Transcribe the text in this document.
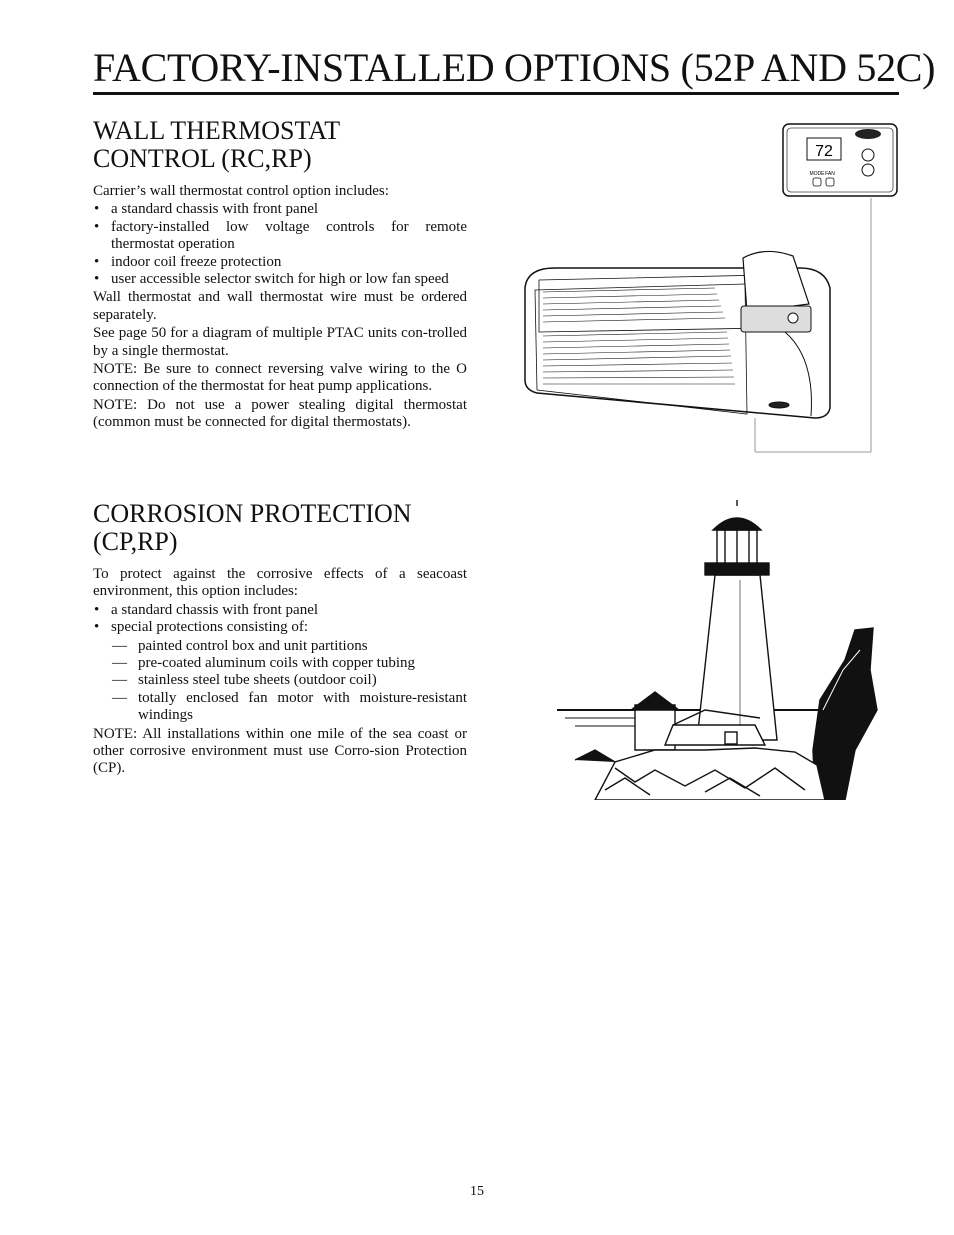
FACTORY-INSTALLED OPTIONS (52P AND 52C)
WALL THERMOSTAT
CONTROL (RC,RP)

Carrier’s wall thermostat control option includes:

• a standard chassis with front panel
• factory-installed low voltage controls for remote thermostat operation
• indoor coil freeze protection
• user accessible selector switch for high or low fan speed

Wall thermostat and wall thermostat wire must be ordered separately.

See page 50 for a diagram of multiple PTAC units con-trolled by a single thermostat.

NOTE: Be sure to connect reversing valve wiring to the O connection of the thermostat for heat pump applications.

NOTE: Do not use a power stealing digital thermostat (common must be connected for digital thermostats).

CORROSION PROTECTION
(CP,RP)

To protect against the corrosive effects of a seacoast environment, this option includes:

• a standard chassis with front panel
• special protections consisting of:
— painted control box and unit partitions
— pre-coated aluminum coils with copper tubing
— stainless steel tube sheets (outdoor coil)
— totally enclosed fan motor with moisture-resistant windings

NOTE: All installations within one mile of the sea coast or other corrosive environment must use Corro-sion Protection (CP).

72
MODE FAN
15
